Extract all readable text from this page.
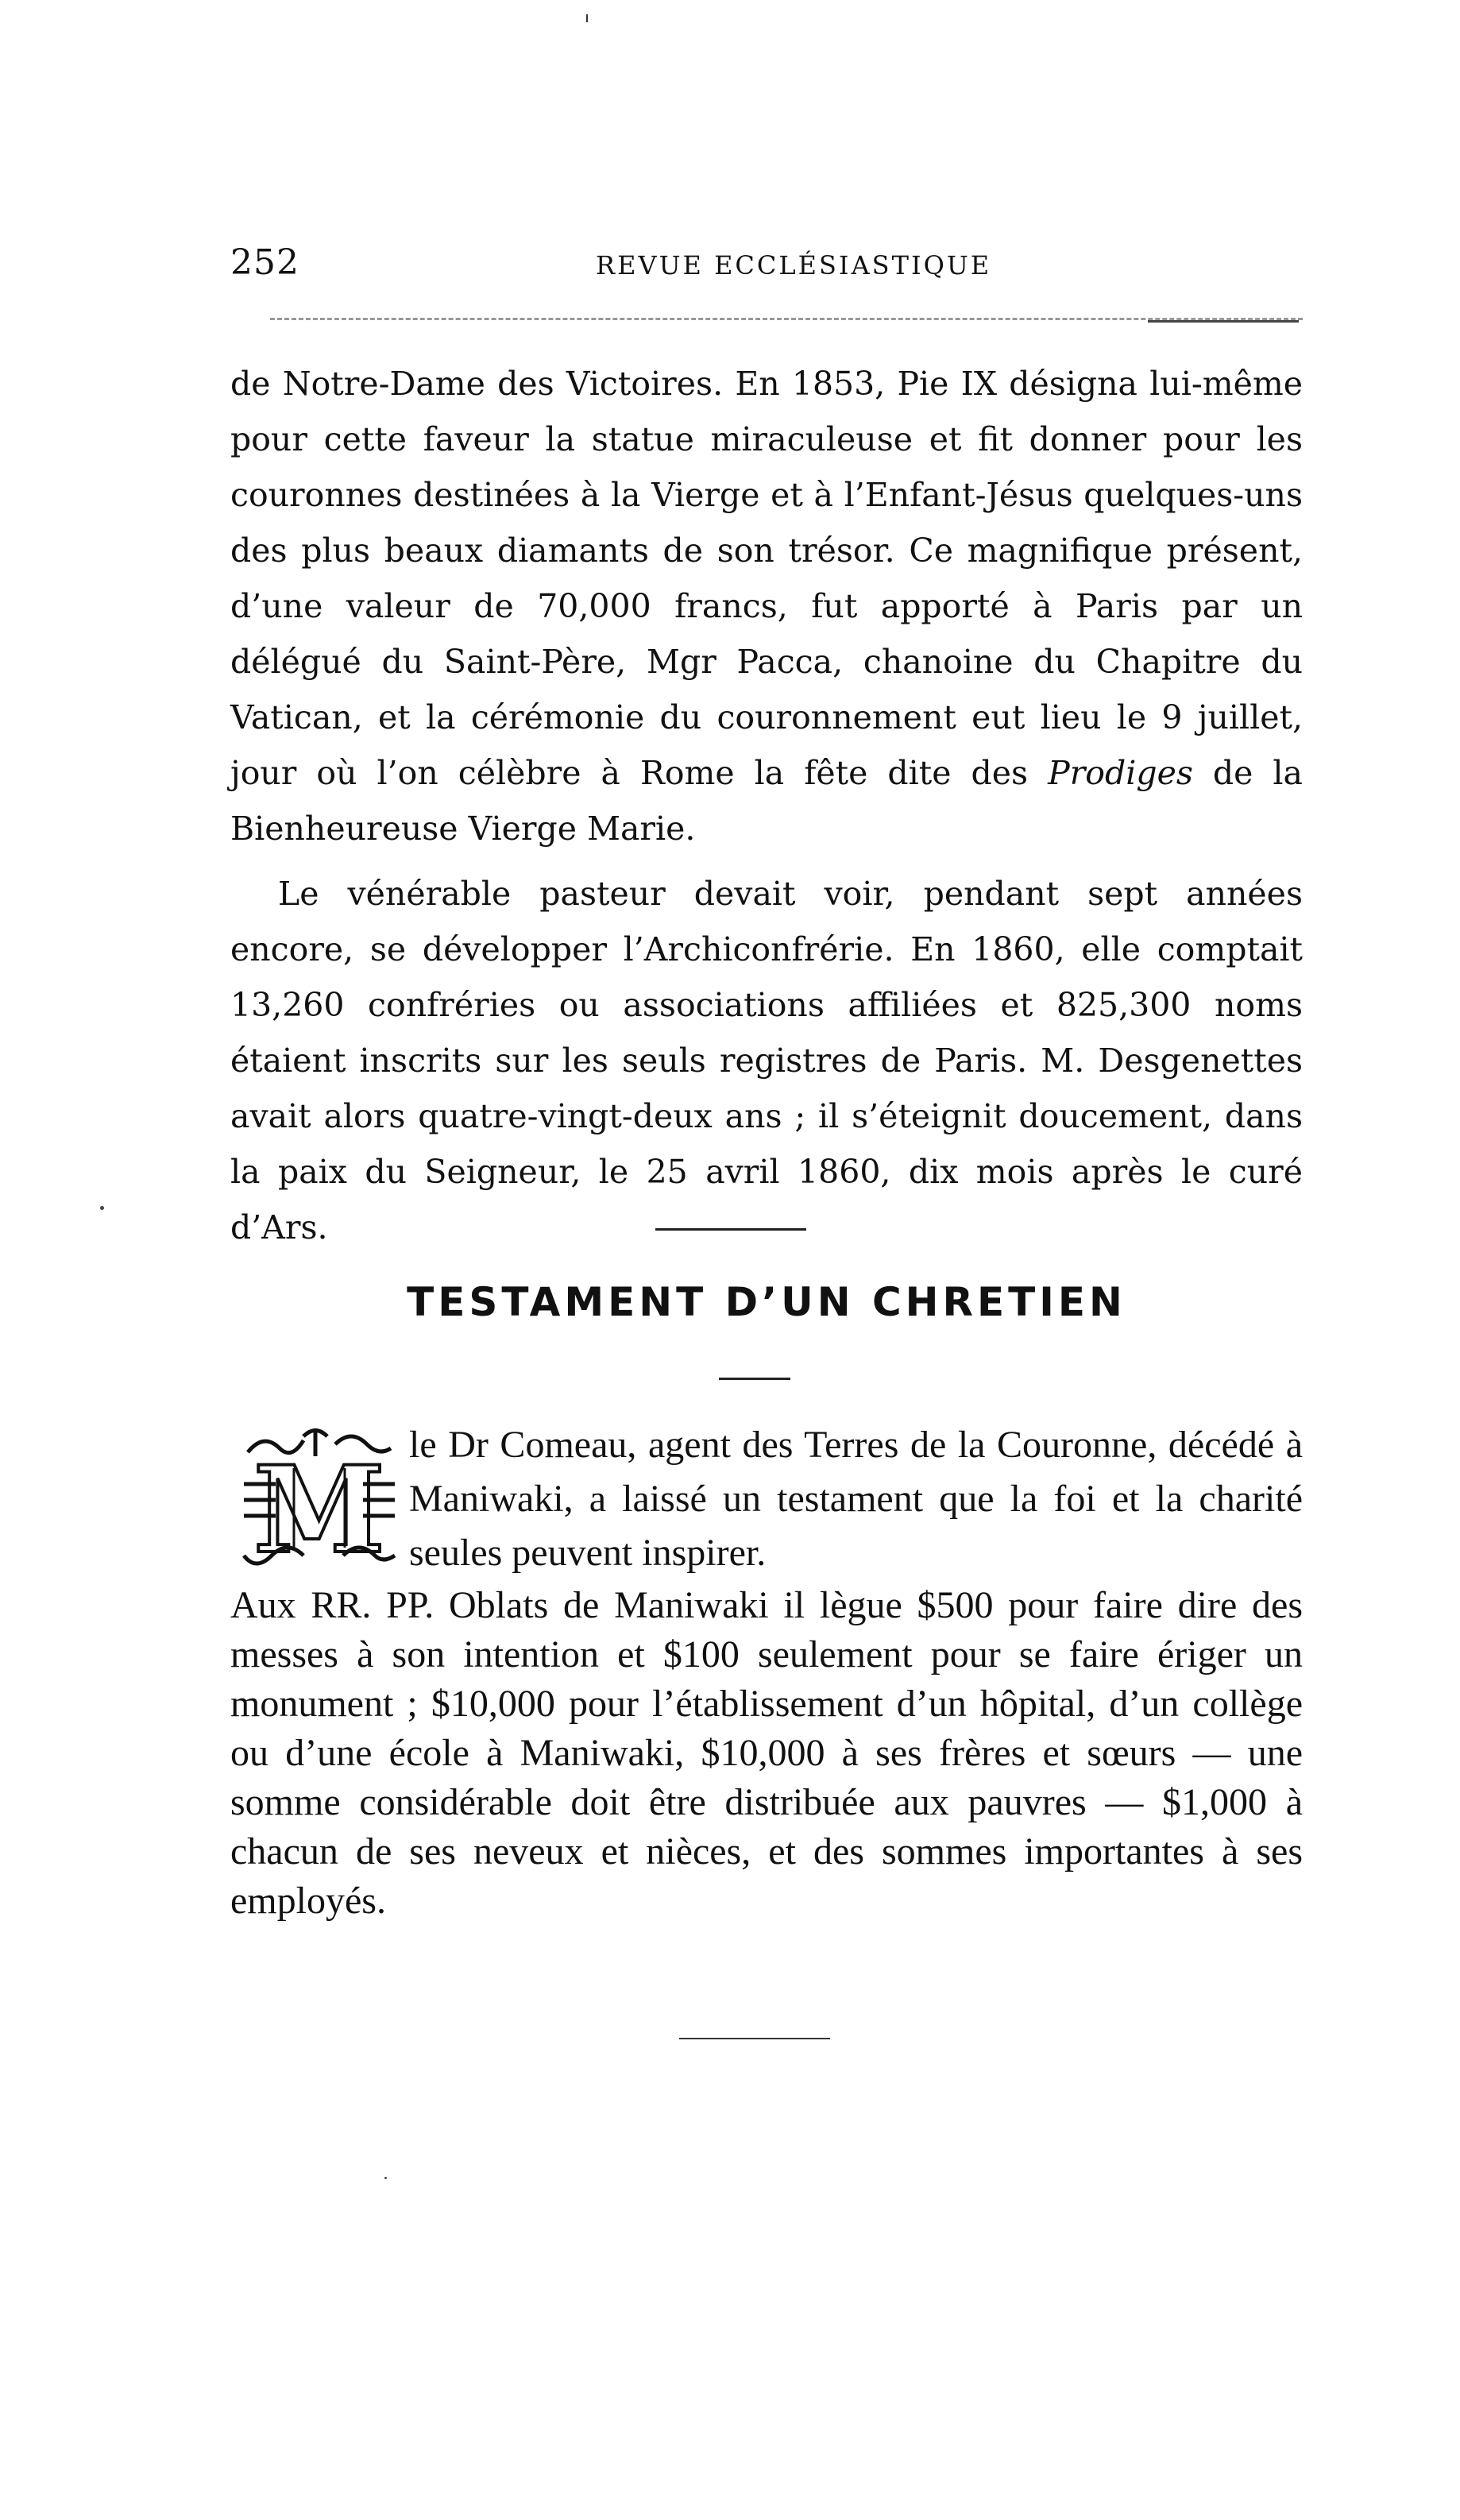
252	REVUE ECCLÉSIASTIQUE

de Notre-Dame des Victoires. En 1853, Pie IX désigna lui-même pour cette faveur la statue miraculeuse et fit donner pour les couronnes destinées à la Vierge et à l’Enfant-Jésus quelques-uns des plus beaux diamants de son trésor. Ce magnifique présent, d’une valeur de 70,000 francs, fut apporté à Paris par un délégué du Saint-Père, Mgr Pacca, chanoine du Chapitre du Vatican, et la cérémonie du couronnement eut lieu le 9 juillet, jour où l’on célèbre à Rome la fête dite des Prodiges de la Bienheureuse Vierge Marie.

Le vénérable pasteur devait voir, pendant sept années encore, se développer l’Archiconfrérie. En 1860, elle comptait 13,260 confréries ou associations affiliées et 825,300 noms étaient inscrits sur les seuls registres de Paris. M. Desgenettes avait alors quatre-vingt-deux ans ; il s’éteignit doucement, dans la paix du Seigneur, le 25 avril 1860, dix mois après le curé d’Ars.

TESTAMENT D’UN CHRETIEN
M le Dr Comeau, agent des Terres de la Couronne, décédé à Maniwaki, a laissé un testament que la foi et la charité seules peuvent inspirer.

Aux RR. PP. Oblats de Maniwaki il lègue $500 pour faire dire des messes à son intention et $100 seulement pour se faire ériger un monument ; $10,000 pour l’établissement d’un hôpital, d’un collège ou d’une école à Maniwaki, $10,000 à ses frères et sœurs — une somme considérable doit être distribuée aux pauvres — $1,000 à chacun de ses neveux et nièces, et des sommes importantes à ses employés.
